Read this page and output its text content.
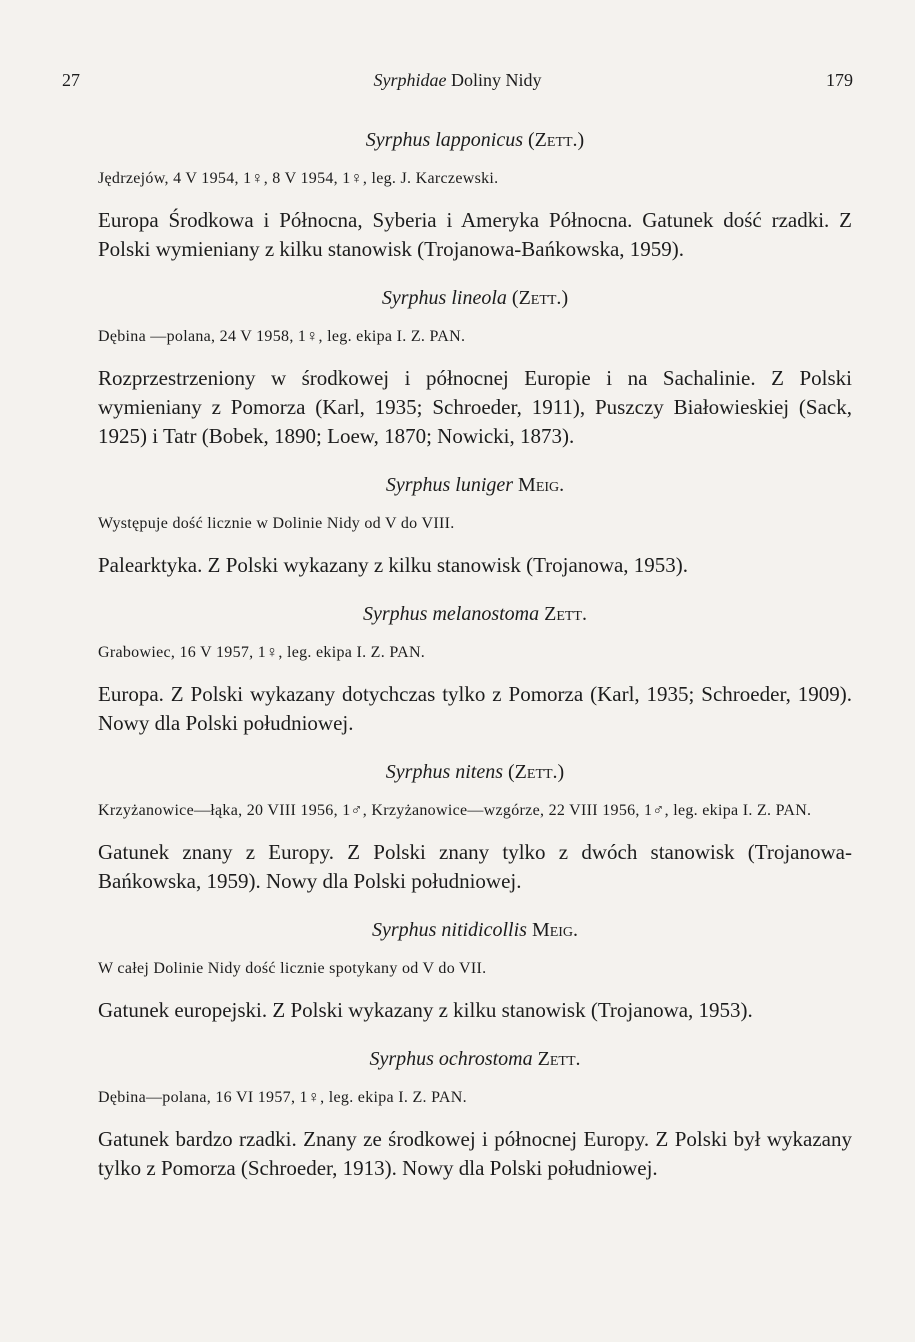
27	Syrphidae Doliny Nidy	179
Syrphus lapponicus (Zett.)
Jędrzejów, 4 V 1954, 1♀, 8 V 1954, 1♀, leg. J. Karczewski.
Europa Środkowa i Północna, Syberia i Ameryka Północna. Gatunek dość rzadki. Z Polski wymieniany z kilku stanowisk (Trojanowa-Bańkowska, 1959).
Syrphus lineola (Zett.)
Dębina —polana, 24 V 1958, 1♀, leg. ekipa I. Z. PAN.
Rozprzestrzeniony w środkowej i północnej Europie i na Sachalinie. Z Polski wymieniany z Pomorza (Karl, 1935; Schroeder, 1911), Puszczy Białowieskiej (Sack, 1925) i Tatr (Bobek, 1890; Loew, 1870; Nowicki, 1873).
Syrphus luniger Meig.
Występuje dość licznie w Dolinie Nidy od V do VIII.
Palearktyka. Z Polski wykazany z kilku stanowisk (Trojanowa, 1953).
Syrphus melanostoma Zett.
Grabowiec, 16 V 1957, 1♀, leg. ekipa I. Z. PAN.
Europa. Z Polski wykazany dotychczas tylko z Pomorza (Karl, 1935; Schroeder, 1909). Nowy dla Polski południowej.
Syrphus nitens (Zett.)
Krzyżanowice—łąka, 20 VIII 1956, 1♂, Krzyżanowice—wzgórze, 22 VIII 1956, 1♂, leg. ekipa I. Z. PAN.
Gatunek znany z Europy. Z Polski znany tylko z dwóch stanowisk (Trojanowa-Bańkowska, 1959). Nowy dla Polski południowej.
Syrphus nitidicollis Meig.
W całej Dolinie Nidy dość licznie spotykany od V do VII.
Gatunek europejski. Z Polski wykazany z kilku stanowisk (Trojanowa, 1953).
Syrphus ochrostoma Zett.
Dębina—polana, 16 VI 1957, 1♀, leg. ekipa I. Z. PAN.
Gatunek bardzo rzadki. Znany ze środkowej i północnej Europy. Z Polski był wykazany tylko z Pomorza (Schroeder, 1913). Nowy dla Polski południowej.
